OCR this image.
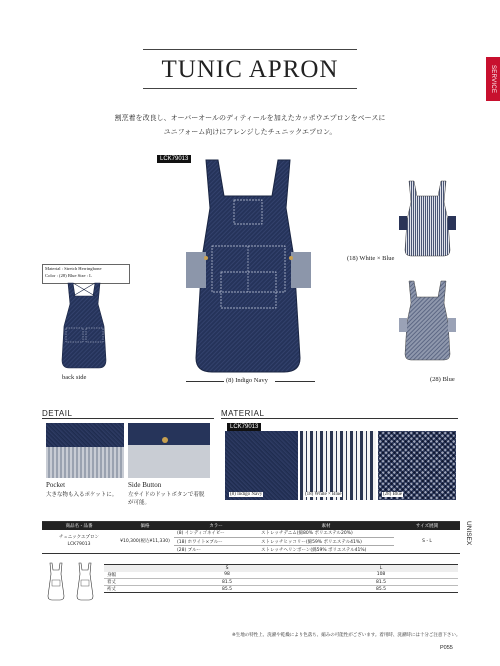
TUNIC APRON	SERVICE
割烹着を改良し、オーバーオールのディティールを加えたカッポウエプロンをベースに
ユニフォーム向けにアレンジしたチュニックエプロン。
LCK79013
(8) Indigo Navy
(18) White × Blue
(28) Blue
Material : Stretch Herringbone
Color : (28) Blue Size : L
back side
DETAIL
Pocket
大きな物も入るポケットに。
Side Button
左サイドのドットボタンで着脱
が可能。
MATERIAL
LCK79013
(8) Indigo Navy	(18) White × Blue	(28) Blue
商品名・品番	価格	カラー	素材	サイズ展開

チュニックエプロン
LCK79013	¥10,300(税込¥11,330)	(8) インディゴネイビー	ストレッチデニム(綿80% ポリエステル20%)	S・L
		(18) ホワイト×ブルー	ストレッチヒッコリー(綿59% ポリエステル41%)	
		(28) ブルー	ストレッチヘリンボーン(綿59% ポリエステル41%)	
UNISEX
	S	L
身幅	98	108
着丈	81.5	81.5
裄丈	85.5	85.5
※生地の特性上、洗濯や乾燥により色落ち、縮みの可能性がございます。着用時、洗濯時には十分ご注意下さい。
P055
